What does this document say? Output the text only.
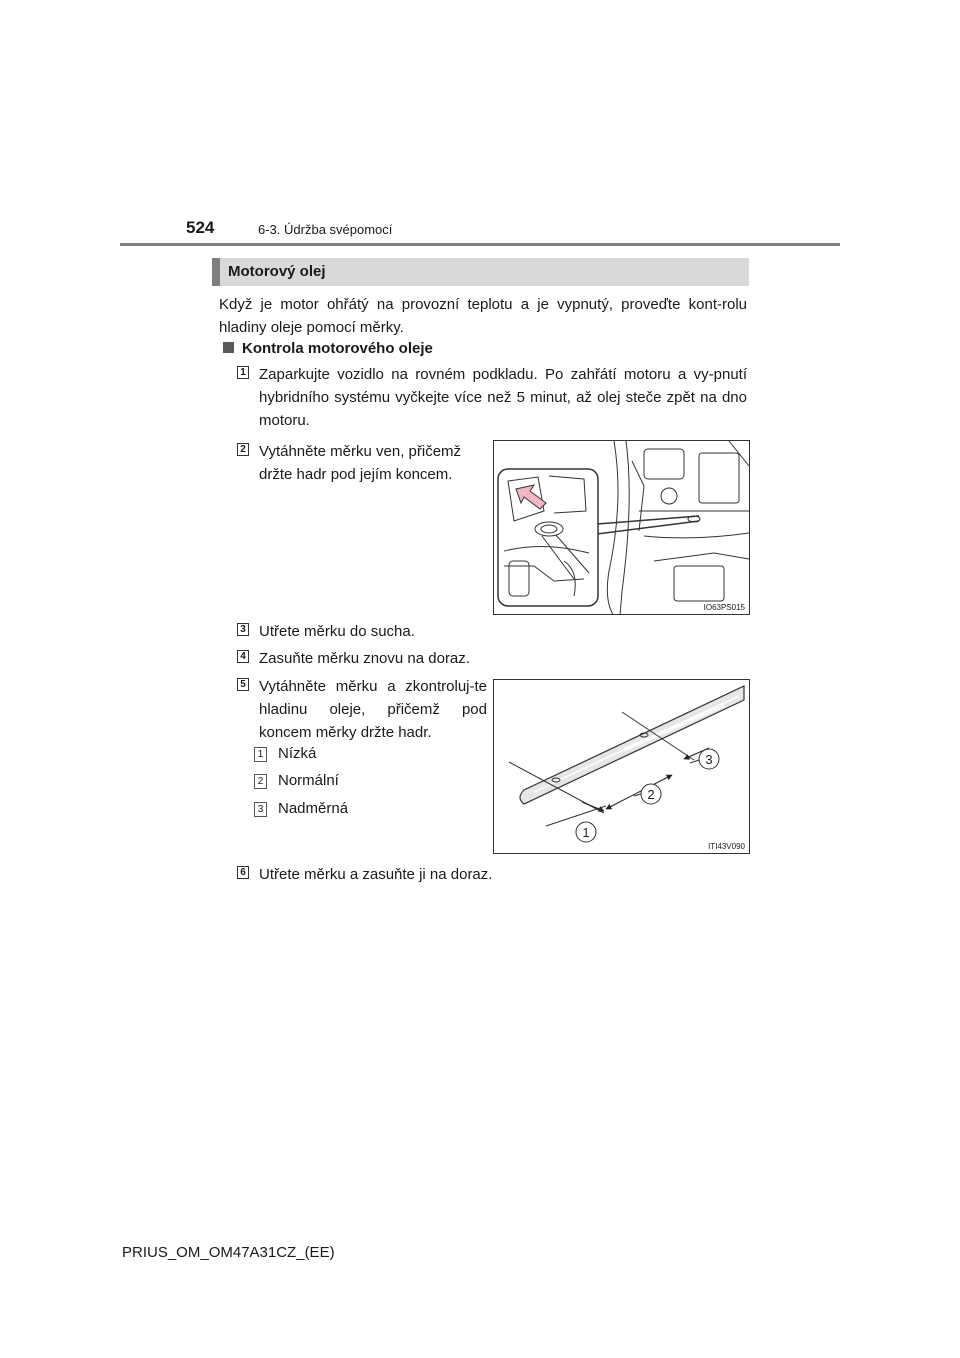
524	6-3. Údržba svépomocí
Motorový olej
Když je motor ohřátý na provozní teplotu a je vypnutý, proveďte kont-rolu hladiny oleje pomocí měrky.
Kontrola motorového oleje
1 Zaparkujte vozidlo na rovném podkladu. Po zahřátí motoru a vy-pnutí hybridního systému vyčkejte více než 5 minut, až olej steče zpět na dno motoru.
2 Vytáhněte měrku ven, přičemž držte hadr pod jejím koncem.
IO63PS015
3 Utřete měrku do sucha.
4 Zasuňte měrku znovu na doraz.
5 Vytáhněte měrku a zkontroluj-te hladinu oleje, přičemž pod koncem měrky držte hadr.
1 Nízká
2 Normální
3 Nadměrná
1
2
3
ITI43V090
6 Utřete měrku a zasuňte ji na doraz.
PRIUS_OM_OM47A31CZ_(EE)
